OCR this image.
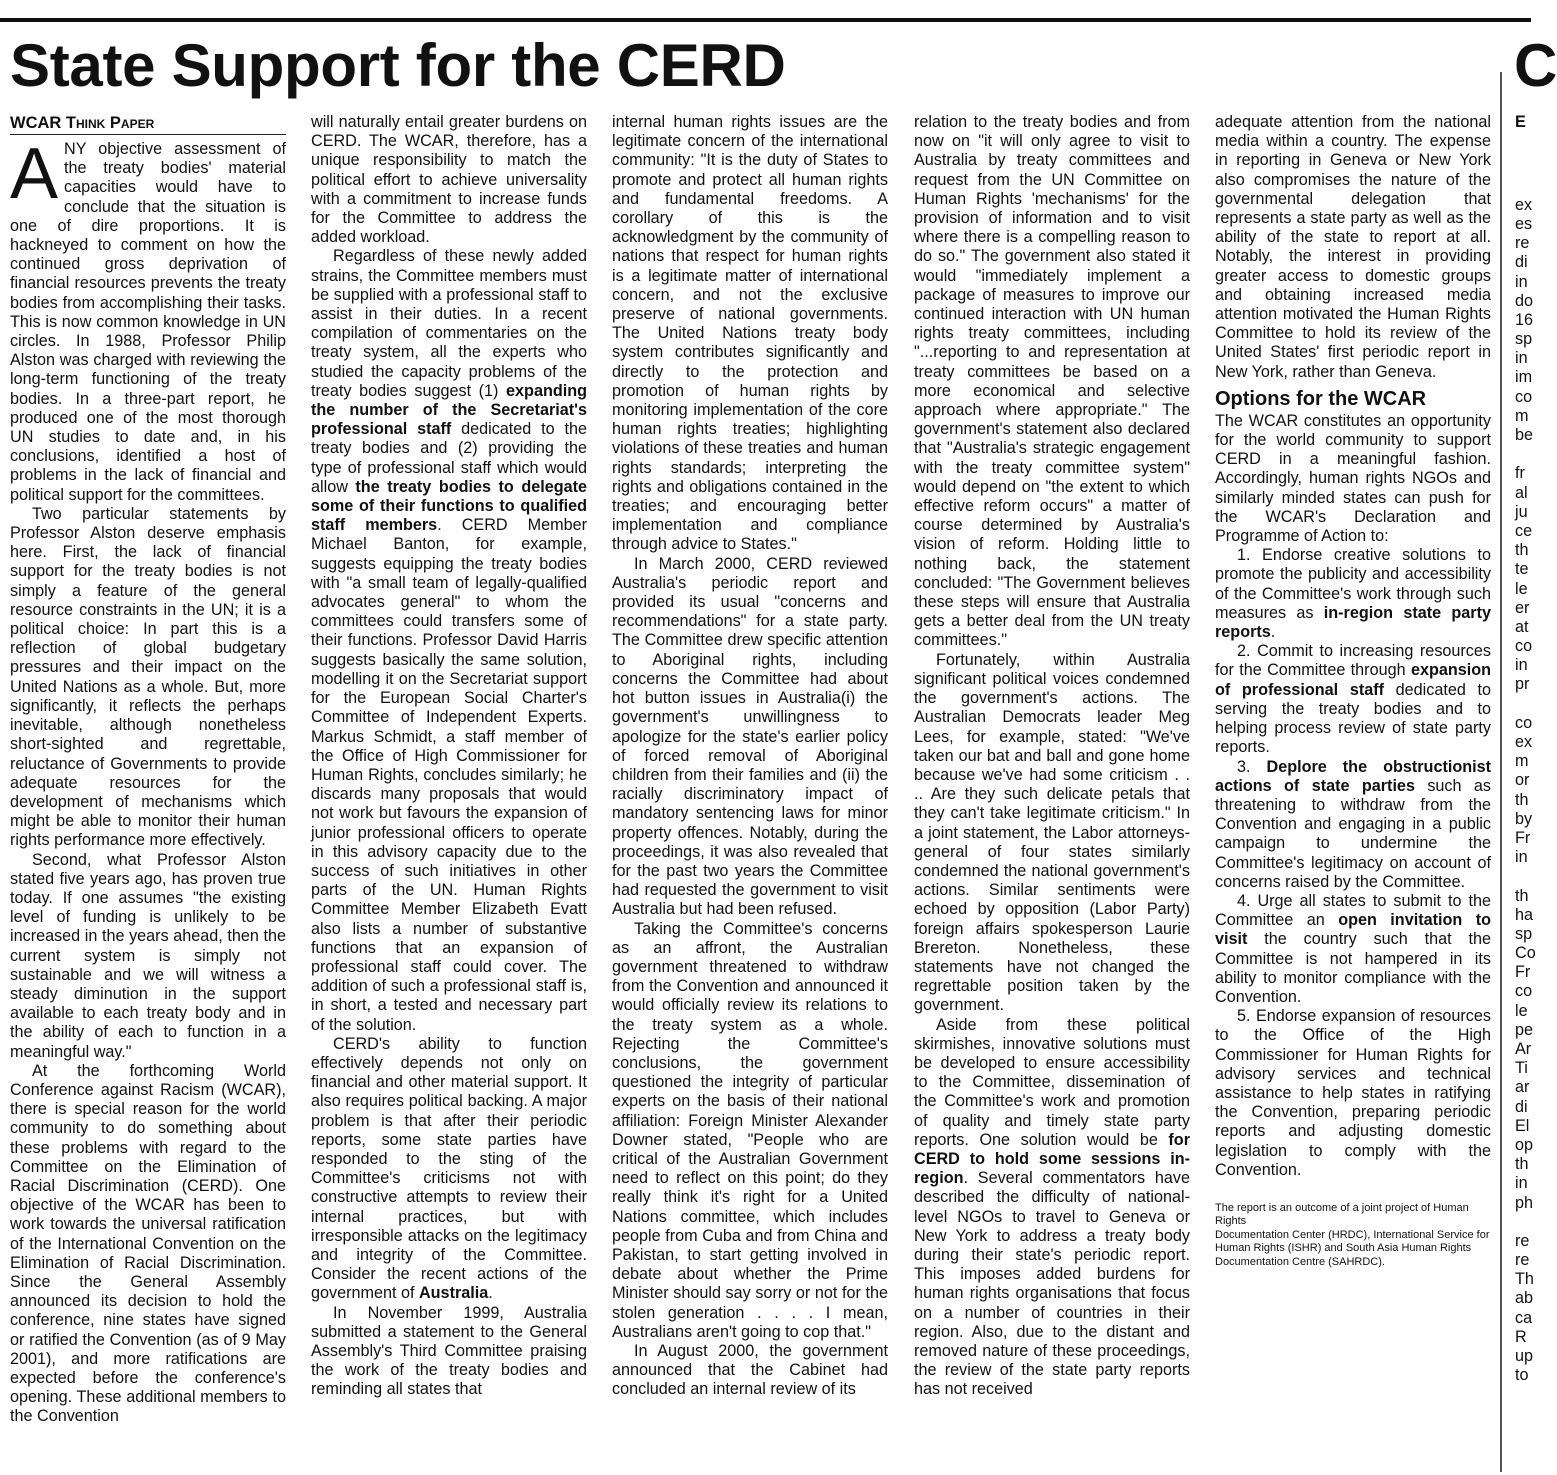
State Support for the CERD	C
WCAR Think Paper

ANY objective assessment of the treaty bodies' material capacities would have to conclude that the situation is one of dire proportions. It is hackneyed to comment on how the continued gross deprivation of financial resources prevents the treaty bodies from accomplishing their tasks. This is now common knowledge in UN circles. In 1988, Professor Philip Alston was charged with reviewing the long-term functioning of the treaty bodies. In a three-part report, he produced one of the most thorough UN studies to date and, in his conclusions, identified a host of problems in the lack of financial and political support for the committees.

Two particular statements by Professor Alston deserve emphasis here. First, the lack of financial support for the treaty bodies is not simply a feature of the general resource constraints in the UN; it is a political choice: In part this is a reflection of global budgetary pressures and their impact on the United Nations as a whole. But, more significantly, it reflects the perhaps inevitable, although nonetheless short-sighted and regrettable, reluctance of Governments to provide adequate resources for the development of mechanisms which might be able to monitor their human rights performance more effectively.

Second, what Professor Alston stated five years ago, has proven true today. If one assumes "the existing level of funding is unlikely to be increased in the years ahead, then the current system is simply not sustainable and we will witness a steady diminution in the support available to each treaty body and in the ability of each to function in a meaningful way."

At the forthcoming World Conference against Racism (WCAR), there is special reason for the world community to do something about these problems with regard to the Committee on the Elimination of Racial Discrimination (CERD). One objective of the WCAR has been to work towards the universal ratification of the International Convention on the Elimination of Racial Discrimination. Since the General Assembly announced its decision to hold the conference, nine states have signed or ratified the Convention (as of 9 May 2001), and more ratifications are expected before the conference's opening. These additional members to the Convention

will naturally entail greater burdens on CERD. The WCAR, therefore, has a unique responsibility to match the political effort to achieve universality with a commitment to increase funds for the Committee to address the added workload.

Regardless of these newly added strains, the Committee members must be supplied with a professional staff to assist in their duties. In a recent compilation of commentaries on the treaty system, all the experts who studied the capacity problems of the treaty bodies suggest (1) expanding the number of the Secretariat's professional staff dedicated to the treaty bodies and (2) providing the type of professional staff which would allow the treaty bodies to delegate some of their functions to qualified staff members. CERD Member Michael Banton, for example, suggests equipping the treaty bodies with "a small team of legally-qualified advocates general" to whom the committees could transfers some of their functions. Professor David Harris suggests basically the same solution, modelling it on the Secretariat support for the European Social Charter's Committee of Independent Experts. Markus Schmidt, a staff member of the Office of High Commissioner for Human Rights, concludes similarly; he discards many proposals that would not work but favours the expansion of junior professional officers to operate in this advisory capacity due to the success of such initiatives in other parts of the UN. Human Rights Committee Member Elizabeth Evatt also lists a number of substantive functions that an expansion of professional staff could cover. The addition of such a professional staff is, in short, a tested and necessary part of the solution.

CERD's ability to function effectively depends not only on financial and other material support. It also requires political backing. A major problem is that after their periodic reports, some state parties have responded to the sting of the Committee's criticisms not with constructive attempts to review their internal practices, but with irresponsible attacks on the legitimacy and integrity of the Committee. Consider the recent actions of the government of Australia.

In November 1999, Australia submitted a statement to the General Assembly's Third Committee praising the work of the treaty bodies and reminding all states that

internal human rights issues are the legitimate concern of the international community: "It is the duty of States to promote and protect all human rights and fundamental freedoms. A corollary of this is the acknowledgment by the community of nations that respect for human rights is a legitimate matter of international concern, and not the exclusive preserve of national governments. The United Nations treaty body system contributes significantly and directly to the protection and promotion of human rights by monitoring implementation of the core human rights treaties; highlighting violations of these treaties and human rights standards; interpreting the rights and obligations contained in the treaties; and encouraging better implementation and compliance through advice to States."

In March 2000, CERD reviewed Australia's periodic report and provided its usual "concerns and recommendations" for a state party. The Committee drew specific attention to Aboriginal rights, including concerns the Committee had about hot button issues in Australia(i) the government's unwillingness to apologize for the state's earlier policy of forced removal of Aboriginal children from their families and (ii) the racially discriminatory impact of mandatory sentencing laws for minor property offences. Notably, during the proceedings, it was also revealed that for the past two years the Committee had requested the government to visit Australia but had been refused.

Taking the Committee's concerns as an affront, the Australian government threatened to withdraw from the Convention and announced it would officially review its relations to the treaty system as a whole. Rejecting the Committee's conclusions, the government questioned the integrity of particular experts on the basis of their national affiliation: Foreign Minister Alexander Downer stated, "People who are critical of the Australian Government need to reflect on this point; do they really think it's right for a United Nations committee, which includes people from Cuba and from China and Pakistan, to start getting involved in debate about whether the Prime Minister should say sorry or not for the stolen generation . . . . I mean, Australians aren't going to cop that."

In August 2000, the government announced that the Cabinet had concluded an internal review of its

relation to the treaty bodies and from now on "it will only agree to visit to Australia by treaty committees and request from the UN Committee on Human Rights 'mechanisms' for the provision of information and to visit where there is a compelling reason to do so." The government also stated it would "immediately implement a package of measures to improve our continued interaction with UN human rights treaty committees, including "...reporting to and representation at treaty committees be based on a more economical and selective approach where appropriate." The government's statement also declared that "Australia's strategic engagement with the treaty committee system" would depend on "the extent to which effective reform occurs" a matter of course determined by Australia's vision of reform. Holding little to nothing back, the statement concluded: "The Government believes these steps will ensure that Australia gets a better deal from the UN treaty committees."

Fortunately, within Australia significant political voices condemned the government's actions. The Australian Democrats leader Meg Lees, for example, stated: "We've taken our bat and ball and gone home because we've had some criticism . . .. Are they such delicate petals that they can't take legitimate criticism." In a joint statement, the Labor attorneys-general of four states similarly condemned the national government's actions. Similar sentiments were echoed by opposition (Labor Party) foreign affairs spokesperson Laurie Brereton. Nonetheless, these statements have not changed the regrettable position taken by the government.

Aside from these political skirmishes, innovative solutions must be developed to ensure accessibility to the Committee, dissemination of the Committee's work and promotion of quality and timely state party reports. One solution would be for CERD to hold some sessions in-region. Several commentators have described the difficulty of national-level NGOs to travel to Geneva or New York to address a treaty body during their state's periodic report. This imposes added burdens for human rights organisations that focus on a number of countries in their region. Also, due to the distant and removed nature of these proceedings, the review of the state party reports has not received

adequate attention from the national media within a country. The expense in reporting in Geneva or New York also compromises the nature of the governmental delegation that represents a state party as well as the ability of the state to report at all. Notably, the interest in providing greater access to domestic groups and obtaining increased media attention motivated the Human Rights Committee to hold its review of the United States' first periodic report in New York, rather than Geneva.

Options for the WCAR

The WCAR constitutes an opportunity for the world community to support CERD in a meaningful fashion. Accordingly, human rights NGOs and similarly minded states can push for the WCAR's Declaration and Programme of Action to:

1. Endorse creative solutions to promote the publicity and accessibility of the Committee's work through such measures as in-region state party reports.

2. Commit to increasing resources for the Committee through expansion of professional staff dedicated to serving the treaty bodies and to helping process review of state party reports.

3. Deplore the obstructionist actions of state parties such as threatening to withdraw from the Convention and engaging in a public campaign to undermine the Committee's legitimacy on account of concerns raised by the Committee.

4. Urge all states to submit to the Committee an open invitation to visit the country such that the Committee is not hampered in its ability to monitor compliance with the Convention.

5. Endorse expansion of resources to the Office of the High Commissioner for Human Rights for advisory services and technical assistance to help states in ratifying the Convention, preparing periodic reports and adjusting domestic legislation to comply with the Convention.

The report is an outcome of a joint project of Human Rights
Documentation Center (HRDC), International Service for
Human Rights (ISHR) and South Asia Human Rights
Documentation Centre (SAHRDC).
E
ex
es
re
di
in
do
16
sp
in
im
co
m
be
fr
al
ju
ce
th
te
le
er
at
co
in
pr
co
ex
m
or
th
by
Fr
in
th
ha
sp
Co
Fr
co
le
pe
Ar
Ti
ar
di
El
op
th
in
ph
re
re
Th
ab
ca
R
up
to
